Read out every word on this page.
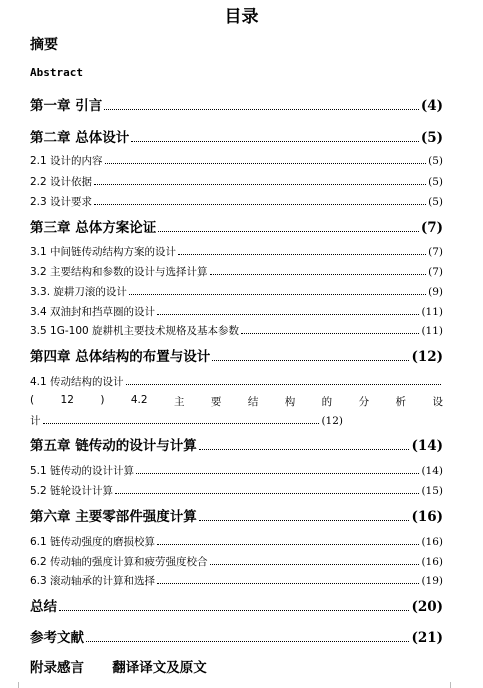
目录
摘要
Abstract
第一章 引言	(4)
第二章 总体设计	(5)
2.1 设计的内容	(5)
2.2 设计依据	(5)
2.3 设计要求	(5)
第三章 总体方案论证	(7)
3.1 中间链传动结构方案的设计	(7)
3.2 主要结构和参数的设计与选择计算	(7)
3.3. 旋耕刀滚的设计	(9)
3.4 双油封和挡草圈的设计	(11)
3.5 1G-100 旋耕机主要技术规格及基本参数	(11)
第四章 总体结构的布置与设计	(12)
4.1 传动结构的设计
(	12	)	4.2	主	要	结	构	的	分	析	设
计	(12)
第五章 链传动的设计与计算	(14)
5.1 链传动的设计计算	(14)
5.2 链轮设计计算	(15)
第六章 主要零部件强度计算	(16)
6.1 链传动强度的磨损校算	(16)
6.2 传动轴的强度计算和疲劳强度校合	(16)
6.3 滚动轴承的计算和选择	(19)
总结	(20)
参考文献	(21)
附录感言      翻译译文及原文
